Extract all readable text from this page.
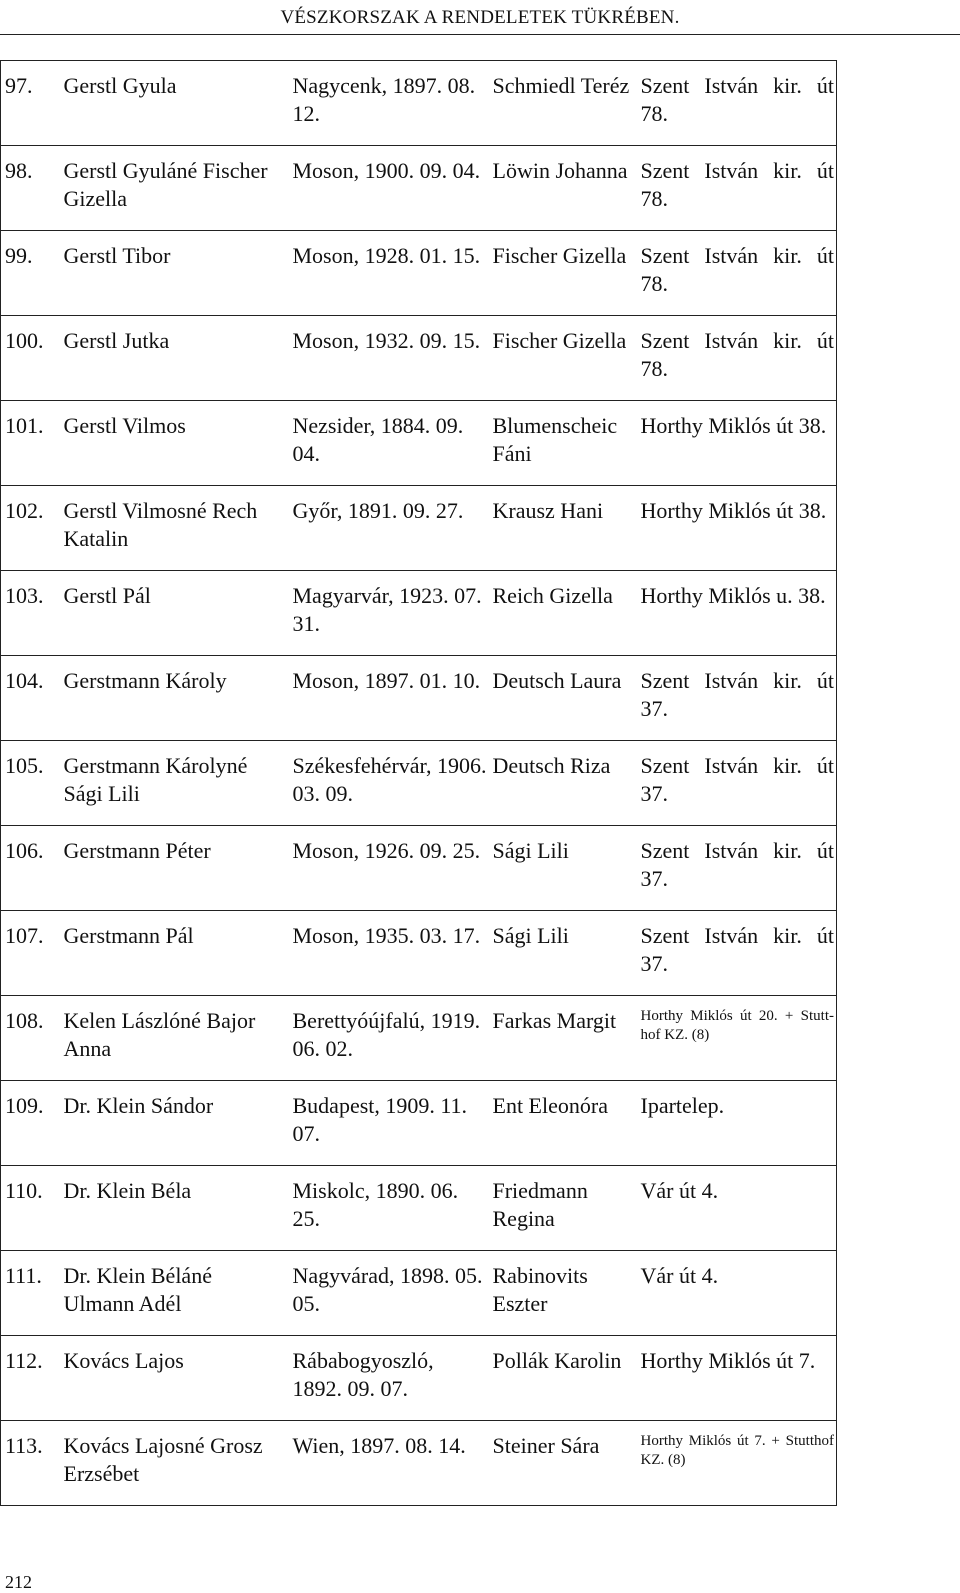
VÉSZKORSZAK A RENDELETEK TÜKRÉBEN.
97.	Gerstl Gyula	Nagycenk, 1897. 08. 12.	Schmiedl Teréz	Szent István kir. út 78.
98.	Gerstl Gyuláné Fischer Gizella	Moson, 1900. 09. 04.	Löwin Johanna	Szent István kir. út 78.
99.	Gerstl Tibor	Moson, 1928. 01. 15.	Fischer Gizella	Szent István kir. út 78.
100.	Gerstl Jutka	Moson, 1932. 09. 15.	Fischer Gizella	Szent István kir. út 78.
101.	Gerstl Vilmos	Nezsider, 1884. 09. 04.	Blumenscheic Fáni	Horthy Miklós út 38.
102.	Gerstl Vilmosné Rech Katalin	Győr, 1891. 09. 27.	Krausz Hani	Horthy Miklós út 38.
103.	Gerstl Pál	Magyarvár, 1923. 07. 31.	Reich Gizella	Horthy Miklós u. 38.
104.	Gerstmann Károly	Moson, 1897. 01. 10.	Deutsch Laura	Szent István kir. út 37.
105.	Gerstmann Károlyné Sági Lili	Székesfehérvár, 1906. 03. 09.	Deutsch Riza	Szent István kir. út 37.
106.	Gerstmann Péter	Moson, 1926. 09. 25.	Sági Lili	Szent István kir. út 37.
107.	Gerstmann Pál	Moson, 1935. 03. 17.	Sági Lili	Szent István kir. út 37.
108.	Kelen Lászlóné Bajor Anna	Berettyóújfalú, 1919. 06. 02.	Farkas Margit	Horthy Miklós út 20. + Stutt-hof KZ. (8)
109.	Dr. Klein Sándor	Budapest, 1909. 11. 07.	Ent Eleonóra	Ipartelep.
110.	Dr. Klein Béla	Miskolc, 1890. 06. 25.	Friedmann Regina	Vár út 4.
111.	Dr. Klein Béláné Ulmann Adél	Nagyvárad, 1898. 05. 05.	Rabinovits Eszter	Vár út 4.
112.	Kovács Lajos	Rábabogyoszló, 1892. 09. 07.	Pollák Karolin	Horthy Miklós út 7.
113.	Kovács Lajosné Grosz Erzsébet	Wien, 1897. 08. 14.	Steiner Sára	Horthy Miklós út 7. + Stutthof KZ. (8)
212
